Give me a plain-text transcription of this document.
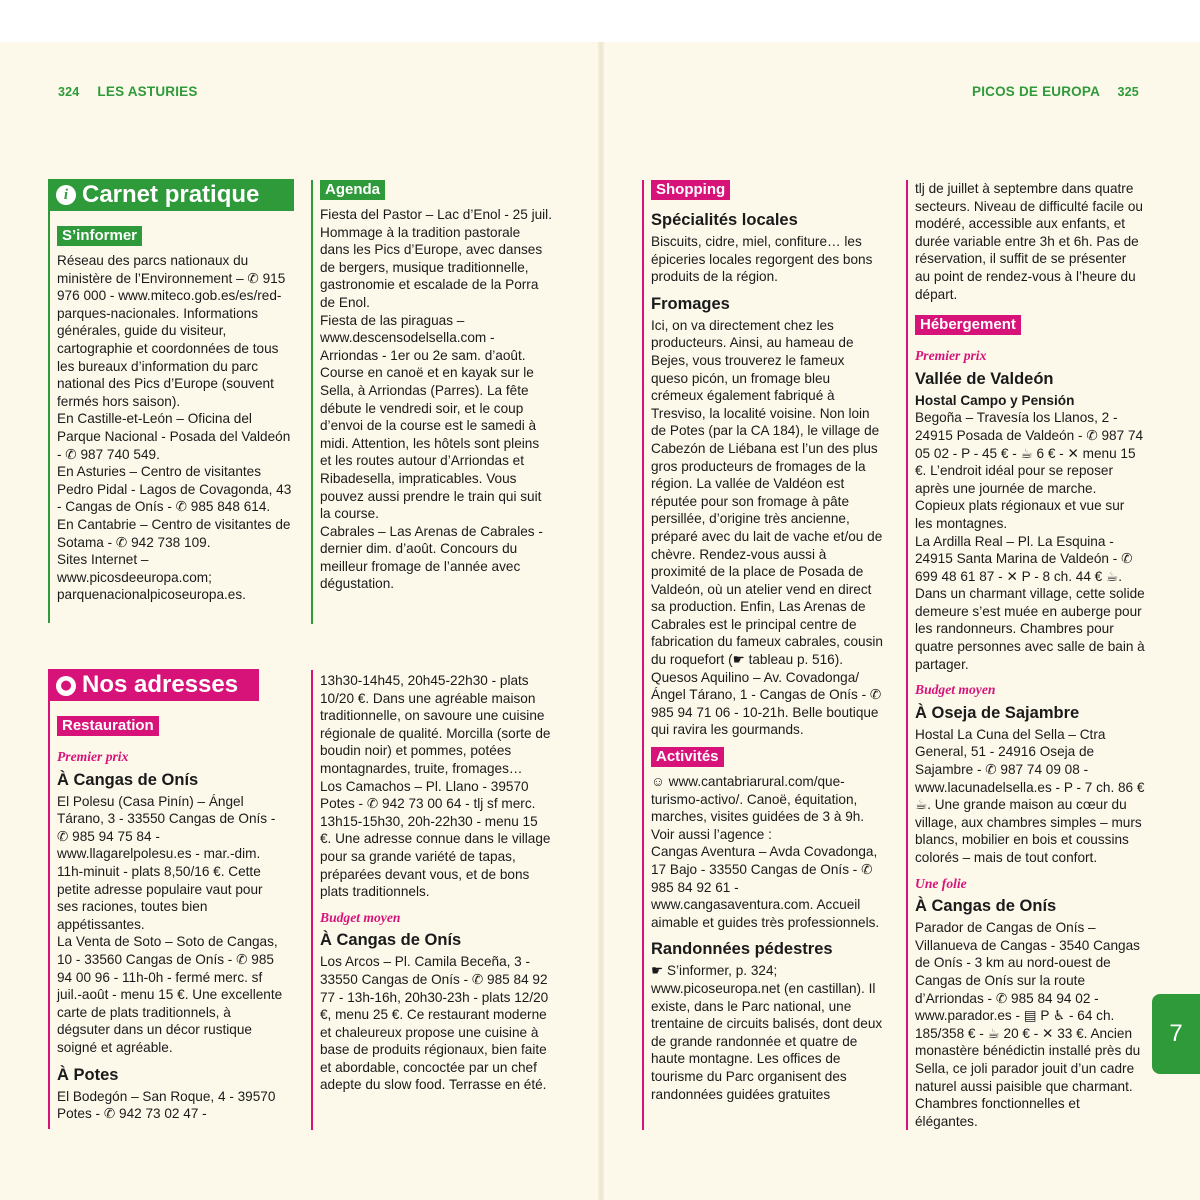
324 LES ASTURIES	PICOS DE EUROPA 325
i Carnet pratique
S’informer

Réseau des parcs nationaux du ministère de l’Environnement – ✆ 915 976 000 - www.miteco.gob.es/es/red-parques-nacionales. Informations générales, guide du visiteur, cartographie et coordonnées de tous les bureaux d’information du parc national des Pics d’Europe (souvent fermés hors saison).

En Castille-et-León – Oficina del Parque Nacional - Posada del Valdeón - ✆ 987 740 549.

En Asturies – Centro de visitantes Pedro Pidal - Lagos de Covagonda, 43 - Cangas de Onís - ✆ 985 848 614.

En Cantabrie – Centro de visitantes de Sotama - ✆ 942 738 109.

Sites Internet – www.picosdeeuropa.com; parquenacionalpicoseuropa.es.

Agenda

Fiesta del Pastor – Lac d’Enol - 25 juil. Hommage à la tradition pastorale dans les Pics d’Europe, avec danses de bergers, musique traditionnelle, gastronomie et escalade de la Porra de Enol.

Fiesta de las piraguas – www.descensodelsella.com - Arriondas - 1er ou 2e sam. d’août. Course en canoë et en kayak sur le Sella, à Arriondas (Parres). La fête débute le vendredi soir, et le coup d’envoi de la course est le samedi à midi. Attention, les hôtels sont pleins et les routes autour d’Arriondas et Ribadesella, impraticables. Vous pouvez aussi prendre le train qui suit la course.

Cabrales – Las Arenas de Cabrales - dernier dim. d’août. Concours du meilleur fromage de l’année avec dégustation.

● Nos adresses
Restauration
Premier prix
À Cangas de Onís

El Polesu (Casa Pinín) – Ángel Tárano, 3 - 33550 Cangas de Onís - ✆ 985 94 75 84 - www.llagarelpolesu.es - mar.-dim. 11h-minuit - plats 8,50/16 €. Cette petite adresse populaire vaut pour ses raciones, toutes bien appétissantes.

La Venta de Soto – Soto de Cangas, 10 - 33560 Cangas de Onís - ✆ 985 94 00 96 - 11h-0h - fermé merc. sf juil.-août - menu 15 €. Une excellente carte de plats traditionnels, à dégsuter dans un décor rustique soigné et agréable.

À Potes

El Bodegón – San Roque, 4 - 39570 Potes - ✆ 942 73 02 47 -

13h30-14h45, 20h45-22h30 - plats 10/20 €. Dans une agréable maison traditionnelle, on savoure une cuisine régionale de qualité. Morcilla (sorte de boudin noir) et pommes, potées montagnardes, truite, fromages…

Los Camachos – Pl. Llano - 39570 Potes - ✆ 942 73 00 64 - tlj sf merc. 13h15-15h30, 20h-22h30 - menu 15 €. Une adresse connue dans le village pour sa grande variété de tapas, préparées devant vous, et de bons plats traditionnels.

Budget moyen
À Cangas de Onís

Los Arcos – Pl. Camila Beceña, 3 - 33550 Cangas de Onís - ✆ 985 84 92 77 - 13h-16h, 20h30-23h - plats 12/20 €, menu 25 €. Ce restaurant moderne et chaleureux propose une cuisine à base de produits régionaux, bien faite et abordable, concoctée par un chef adepte du slow food. Terrasse en été.

Shopping
Spécialités locales

Biscuits, cidre, miel, confiture… les épiceries locales regorgent des bons produits de la région.

Fromages

Ici, on va directement chez les producteurs. Ainsi, au hameau de Bejes, vous trouverez le fameux queso picón, un fromage bleu crémeux également fabriqué à Tresviso, la localité voisine. Non loin de Potes (par la CA 184), le village de Cabezón de Liébana est l’un des plus gros producteurs de fromages de la région. La vallée de Valdéon est réputée pour son fromage à pâte persillée, d’origine très ancienne, préparé avec du lait de vache et/ou de chèvre. Rendez-vous aussi à proximité de la place de Posada de Valdeón, où un atelier vend en direct sa production. Enfin, Las Arenas de Cabrales est le principal centre de fabrication du fameux cabrales, cousin du roquefort (☛ tableau p. 516).

Quesos Aquilino – Av. Covadonga/ Ángel Tárano, 1 - Cangas de Onís - ✆ 985 94 71 06 - 10-21h. Belle boutique qui ravira les gourmands.

Activités

☺ www.cantabriarural.com/que-turismo-activo/. Canoë, équitation, marches, visites guidées de 3 à 9h. Voir aussi l’agence :

Cangas Aventura – Avda Covadonga, 17 Bajo - 33550 Cangas de Onís - ✆ 985 84 92 61 - www.cangasaventura.com. Accueil aimable et guides très professionnels.

Randonnées pédestres

☛ S’informer, p. 324; www.picoseuropa.net (en castillan). Il existe, dans le Parc national, une trentaine de circuits balisés, dont deux de grande randonnée et quatre de haute montagne. Les offices de tourisme du Parc organisent des randonnées guidées gratuites

tlj de juillet à septembre dans quatre secteurs. Niveau de difficulté facile ou modéré, accessible aux enfants, et durée variable entre 3h et 6h. Pas de réservation, il suffit de se présenter au point de rendez-vous à l’heure du départ.

Hébergement
Premier prix
Vallée de Valdeón

Hostal Campo y Pensión

Begoña – Travesía los Llanos, 2 - 24915 Posada de Valdeón - ✆ 987 74 05 02 - P - 45 € - ☕ 6 € - ✕ menu 15 €. L’endroit idéal pour se reposer après une journée de marche. Copieux plats régionaux et vue sur les montagnes.

La Ardilla Real – Pl. La Esquina - 24915 Santa Marina de Valdeón - ✆ 699 48 61 87 - ✕ P - 8 ch. 44 € ☕. Dans un charmant village, cette solide demeure s’est muée en auberge pour les randonneurs. Chambres pour quatre personnes avec salle de bain à partager.

Budget moyen
À Oseja de Sajambre

Hostal La Cuna del Sella – Ctra General, 51 - 24916 Oseja de Sajambre - ✆ 987 74 09 08 - www.lacunadelsella.es - P - 7 ch. 86 € ☕. Une grande maison au cœur du village, aux chambres simples – murs blancs, mobilier en bois et coussins colorés – mais de tout confort.

Une folie
À Cangas de Onís

Parador de Cangas de Onís – Villanueva de Cangas - 3540 Cangas de Onís - 3 km au nord-ouest de Cangas de Onís sur la route d’Arriondas - ✆ 985 84 94 02 - www.parador.es - ▤ P ♿ - 64 ch. 185/358 € - ☕ 20 € - ✕ 33 €. Ancien monastère bénédictin installé près du Sella, ce joli parador jouit d’un cadre naturel aussi paisible que charmant. Chambres fonctionnelles et élégantes.

7
